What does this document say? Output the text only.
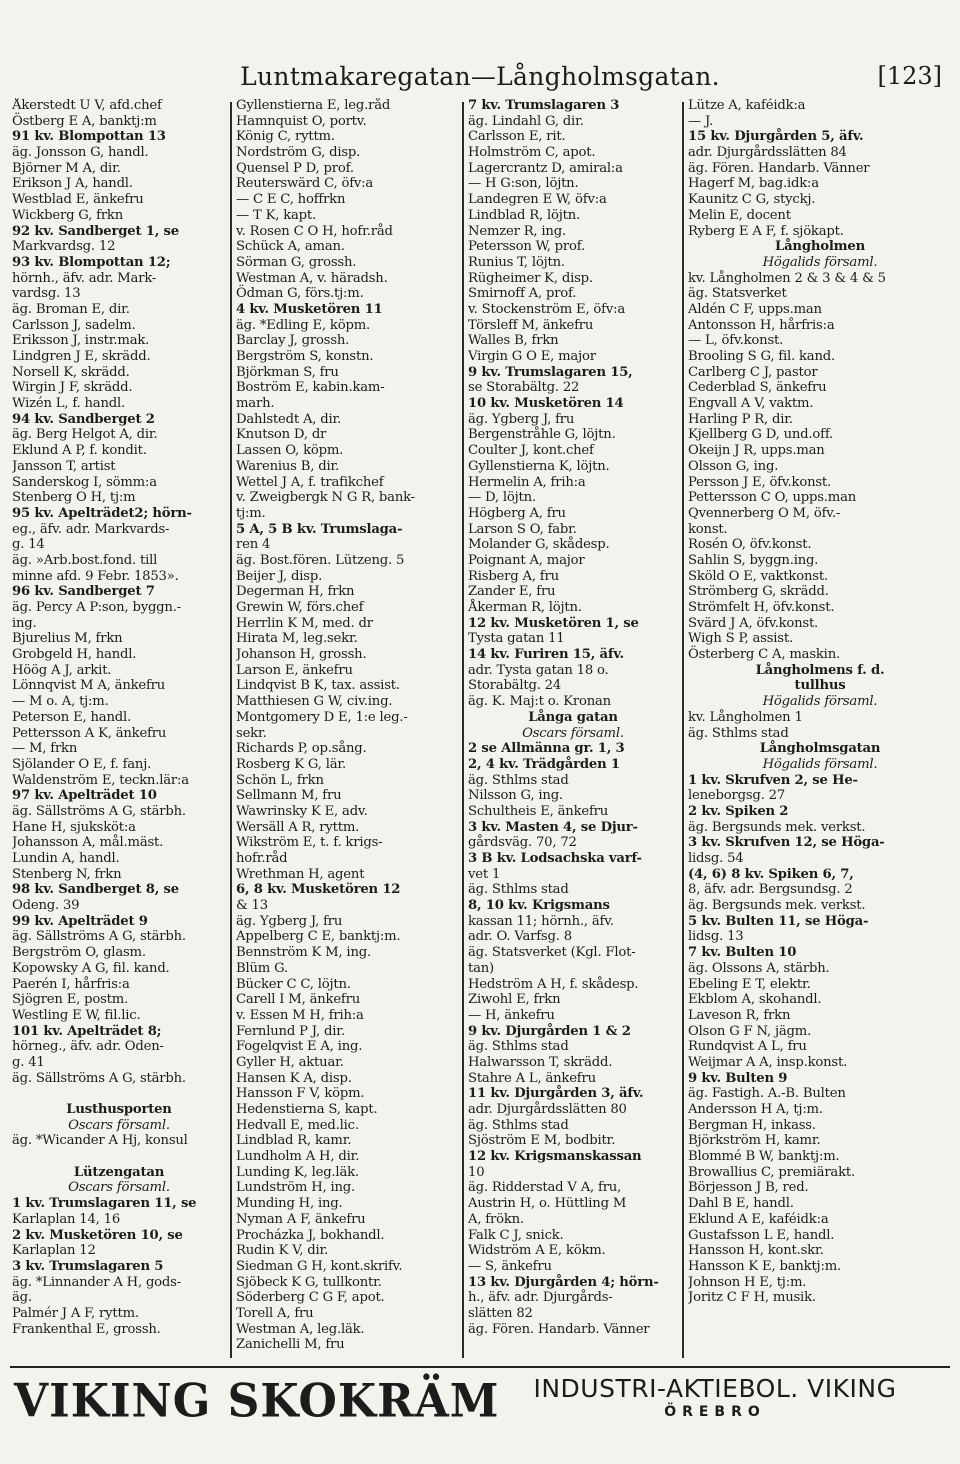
Luntmakaregatan—Långholmsgatan.	[123]
Åkerstedt U V, afd.chef
Östberg E A, banktj:m
91 kv. Blompottan 13
äg. Jonsson G, handl.
Björner M A, dir.
Erikson J A, handl.
Westblad E, änkefru
Wickberg G, frkn
92 kv. Sandberget 1, se
Markvardsg. 12
93 kv. Blompottan 12;
hörnh., äfv. adr. Mark-
vardsg. 13
äg. Broman E, dir.
Carlsson J, sadelm.
Eriksson J, instr.mak.
Lindgren J E, skrädd.
Norsell K, skrädd.
Wirgin J F, skrädd.
Wizén L, f. handl.
94 kv. Sandberget 2
äg. Berg Helgot A, dir.
Eklund A P, f. kondit.
Jansson T, artist
Sanderskog I, sömm:a
Stenberg O H, tj:m
95 kv. Apelträdet2; hörn-
eg., äfv. adr. Markvards-
g. 14
äg. »Arb.bost.fond. till
minne afd. 9 Febr. 1853».
96 kv. Sandberget 7
äg. Percy A P:son, byggn.-
ing.
Bjurelius M, frkn
Grobgeld H, handl.
Höög A J, arkit.
Lönnqvist M A, änkefru
— M o. A, tj:m.
Peterson E, handl.
Pettersson A K, änkefru
— M, frkn
Sjölander O E, f. fanj.
Waldenström E, teckn.lär:a
97 kv. Apelträdet 10
äg. Sällströms A G, stärbh.
Hane H, sjuksköt:a
Johansson A, mål.mäst.
Lundin A, handl.
Stenberg N, frkn
98 kv. Sandberget 8, se
Odeng. 39
99 kv. Apelträdet 9
äg. Sällströms A G, stärbh.
Bergström O, glasm.
Kopowsky A G, fil. kand.
Paerén I, hårfris:a
Sjögren E, postm.
Westling E W, fil.lic.
101 kv. Apelträdet 8;
hörneg., äfv. adr. Oden-
g. 41
äg. Sällströms A G, stärbh.
Lusthusporten
Oscars församl.
äg. *Wicander A Hj, konsul
Lützengatan
Oscars församl.
1 kv. Trumslagaren 11, se
Karlaplan 14, 16
2 kv. Musketören 10, se
Karlaplan 12
3 kv. Trumslagaren 5
äg. *Linnander A H, gods-
äg.
Palmér J A F, ryttm.
Frankenthal E, grossh.
Gyllenstierna E, leg.råd
Hamnquist O, portv.
König C, ryttm.
Nordström G, disp.
Quensel P D, prof.
Reuterswärd C, öfv:a
— C E C, hoffrkn
— T K, kapt.
v. Rosen C O H, hofr.råd
Schück A, aman.
Sörman G, grossh.
Westman A, v. häradsh.
Ödman G, förs.tj:m.
4 kv. Musketören 11
äg. *Edling E, köpm.
Barclay J, grossh.
Bergström S, konstn.
Björkman S, fru
Boström E, kabin.kam-
marh.
Dahlstedt A, dir.
Knutson D, dr
Lassen O, köpm.
Warenius B, dir.
Wettel J A, f. trafikchef
v. Zweigbergk N G R, bank-
tj:m.
5 A, 5 B kv. Trumslaga-
ren 4
äg. Bost.fören. Lützeng. 5
Beijer J, disp.
Degerman H, frkn
Grewin W, förs.chef
Herrlin K M, med. dr
Hirata M, leg.sekr.
Johanson H, grossh.
Larson E, änkefru
Lindqvist B K, tax. assist.
Matthiesen G W, civ.ing.
Montgomery D E, 1:e leg.-
sekr.
Richards P, op.sång.
Rosberg K G, lär.
Schön L, frkn
Sellmann M, fru
Wawrinsky K E, adv.
Wersäll A R, ryttm.
Wikström E, t. f. krigs-
hofr.råd
Wrethman H, agent
6, 8 kv. Musketören 12
& 13
äg. Ygberg J, fru
Appelberg C E, banktj:m.
Bennström K M, ing.
Blüm G.
Bücker C C, löjtn.
Carell I M, änkefru
v. Essen M H, frih:a
Fernlund P J, dir.
Fogelqvist E A, ing.
Gyller H, aktuar.
Hansen K A, disp.
Hansson F V, köpm.
Hedenstierna S, kapt.
Hedvall E, med.lic.
Lindblad R, kamr.
Lundholm A H, dir.
Lunding K, leg.läk.
Lundström H, ing.
Munding H, ing.
Nyman A F, änkefru
Procházka J, bokhandl.
Rudin K V, dir.
Siedman G H, kont.skrifv.
Sjöbeck K G, tullkontr.
Söderberg C G F, apot.
Torell A, fru
Westman A, leg.läk.
Zanichelli M, fru
7 kv. Trumslagaren 3
äg. Lindahl G, dir.
Carlsson E, rit.
Holmström C, apot.
Lagercrantz D, amiral:a
— H G:son, löjtn.
Landegren E W, öfv:a
Lindblad R, löjtn.
Nemzer R, ing.
Petersson W, prof.
Runius T, löjtn.
Rügheimer K, disp.
Smirnoff A, prof.
v. Stockenström E, öfv:a
Törsleff M, änkefru
Walles B, frkn
Virgin G O E, major
9 kv. Trumslagaren 15,
se Storabältg. 22
10 kv. Musketören 14
äg. Ygberg J, fru
Bergenstråhle G, löjtn.
Coulter J, kont.chef
Gyllenstierna K, löjtn.
Hermelin A, frih:a
— D, löjtn.
Högberg A, fru
Larson S O, fabr.
Molander G, skådesp.
Poignant A, major
Risberg A, fru
Zander E, fru
Åkerman R, löjtn.
12 kv. Musketören 1, se
Tysta gatan 11
14 kv. Furiren 15, äfv.
adr. Tysta gatan 18 o.
Storabältg. 24
äg. K. Maj:t o. Kronan
Långa gatan
Oscars församl.
2 se Allmänna gr. 1, 3
2, 4 kv. Trädgården 1
äg. Sthlms stad
Nilsson G, ing.
Schultheis E, änkefru
3 kv. Masten 4, se Djur-
gårdsväg. 70, 72
3 B kv. Lodsachska varf-
vet 1
äg. Sthlms stad
8, 10 kv. Krigsmans
kassan 11; hörnh., äfv.
adr. O. Varfsg. 8
äg. Statsverket (Kgl. Flot-
tan)
Hedström A H, f. skådesp.
Ziwohl E, frkn
— H, änkefru
9 kv. Djurgården 1 & 2
äg. Sthlms stad
Halwarsson T, skrädd.
Stahre A L, änkefru
11 kv. Djurgården 3, äfv.
adr. Djurgårdsslätten 80
äg. Sthlms stad
Sjöström E M, bodbitr.
12 kv. Krigsmanskassan
10
äg. Ridderstad V A, fru,
Austrin H, o. Hüttling M
A, frökn.
Falk C J, snick.
Widström A E, kökm.
— S, änkefru
13 kv. Djurgården 4; hörn-
h., äfv. adr. Djurgårds-
slätten 82
äg. Fören. Handarb. Vänner
Lütze A, kaféidk:a
— J.
15 kv. Djurgården 5, äfv.
adr. Djurgårdsslätten 84
äg. Fören. Handarb. Vänner
Hagerf M, bag.idk:a
Kaunitz C G, styckj.
Melin E, docent
Ryberg E A F, f. sjökapt.
Långholmen
Högalids församl.
kv. Långholmen 2 & 3 & 4 & 5
äg. Statsverket
Aldén C F, upps.man
Antonsson H, hårfris:a
— L, öfv.konst.
Brooling S G, fil. kand.
Carlberg C J, pastor
Cederblad S, änkefru
Engvall A V, vaktm.
Harling P R, dir.
Kjellberg G D, und.off.
Okeijn J R, upps.man
Olsson G, ing.
Persson J E, öfv.konst.
Pettersson C O, upps.man
Qvennerberg O M, öfv.-
konst.
Rosén O, öfv.konst.
Sahlin S, byggn.ing.
Sköld O E, vaktkonst.
Strömberg G, skrädd.
Strömfelt H, öfv.konst.
Svärd J A, öfv.konst.
Wigh S P, assist.
Österberg C A, maskin.
Långholmens f. d.
tullhus
Högalids församl.
kv. Långholmen 1
äg. Sthlms stad
Långholmsgatan
Högalids församl.
1 kv. Skrufven 2, se He-
leneborgsg. 27
2 kv. Spiken 2
äg. Bergsunds mek. verkst.
3 kv. Skrufven 12, se Höga-
lidsg. 54
(4, 6) 8 kv. Spiken 6, 7,
8, äfv. adr. Bergsundsg. 2
äg. Bergsunds mek. verkst.
5 kv. Bulten 11, se Höga-
lidsg. 13
7 kv. Bulten 10
äg. Olssons A, stärbh.
Ebeling E T, elektr.
Ekblom A, skohandl.
Laveson R, frkn
Olson G F N, jägm.
Rundqvist A L, fru
Weijmar A A, insp.konst.
9 kv. Bulten 9
äg. Fastigh. A.-B. Bulten
Andersson H A, tj:m.
Bergman H, inkass.
Björkström H, kamr.
Blommé B W, banktj:m.
Browallius C, premiärakt.
Börjesson J B, red.
Dahl B E, handl.
Eklund A E, kaféidk:a
Gustafsson L E, handl.
Hansson H, kont.skr.
Hansson K E, banktj:m.
Johnson H E, tj:m.
Joritz C F H, musik.
VIKING SKOKRÄM	INDUSTRI-AKTIEBOL. VIKING
ÖREBRO
